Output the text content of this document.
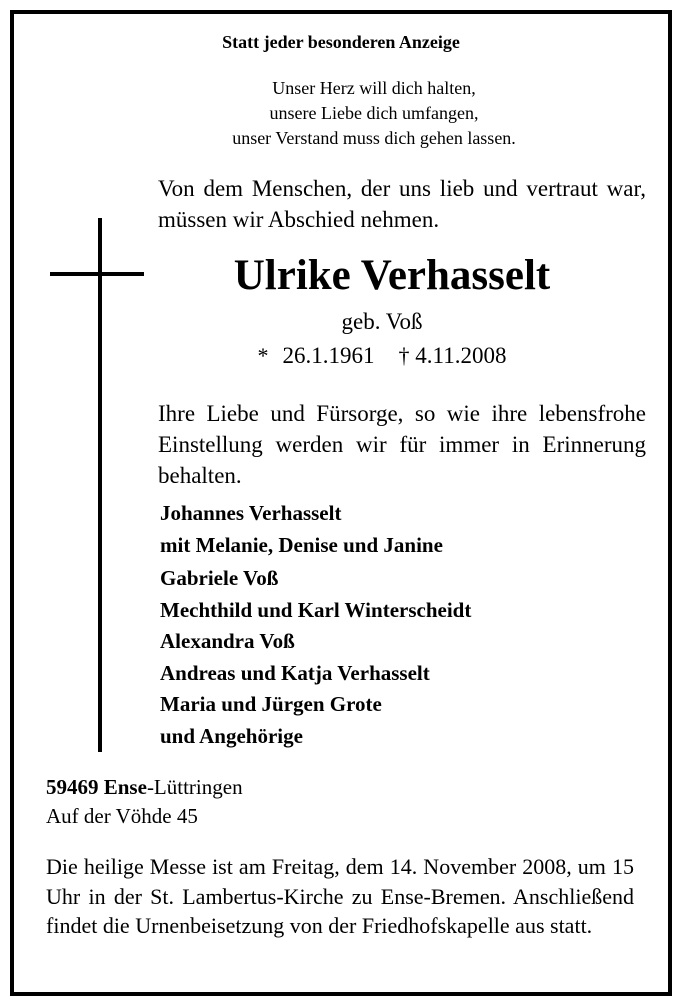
Statt jeder besonderen Anzeige
Unser Herz will dich halten,
unsere Liebe dich umfangen,
unser Verstand muss dich gehen lassen.
Von dem Menschen, der uns lieb und vertraut war, müssen wir Abschied nehmen.
Ulrike Verhasselt
geb. Voß
* 26.1.1961 † 4.11.2008
Ihre Liebe und Fürsorge, so wie ihre lebensfrohe Einstellung werden wir für immer in Erinnerung behalten.
Johannes Verhasselt
mit Melanie, Denise und Janine
Gabriele Voß
Mechthild und Karl Winterscheidt
Alexandra Voß
Andreas und Katja Verhasselt
Maria und Jürgen Grote
und Angehörige
59469 Ense-Lüttringen
Auf der Vöhde 45
Die heilige Messe ist am Freitag, dem 14. November 2008, um 15 Uhr in der St. Lambertus-Kirche zu Ense-Bremen. Anschließend findet die Urnenbeisetzung von der Friedhofskapelle aus statt.
